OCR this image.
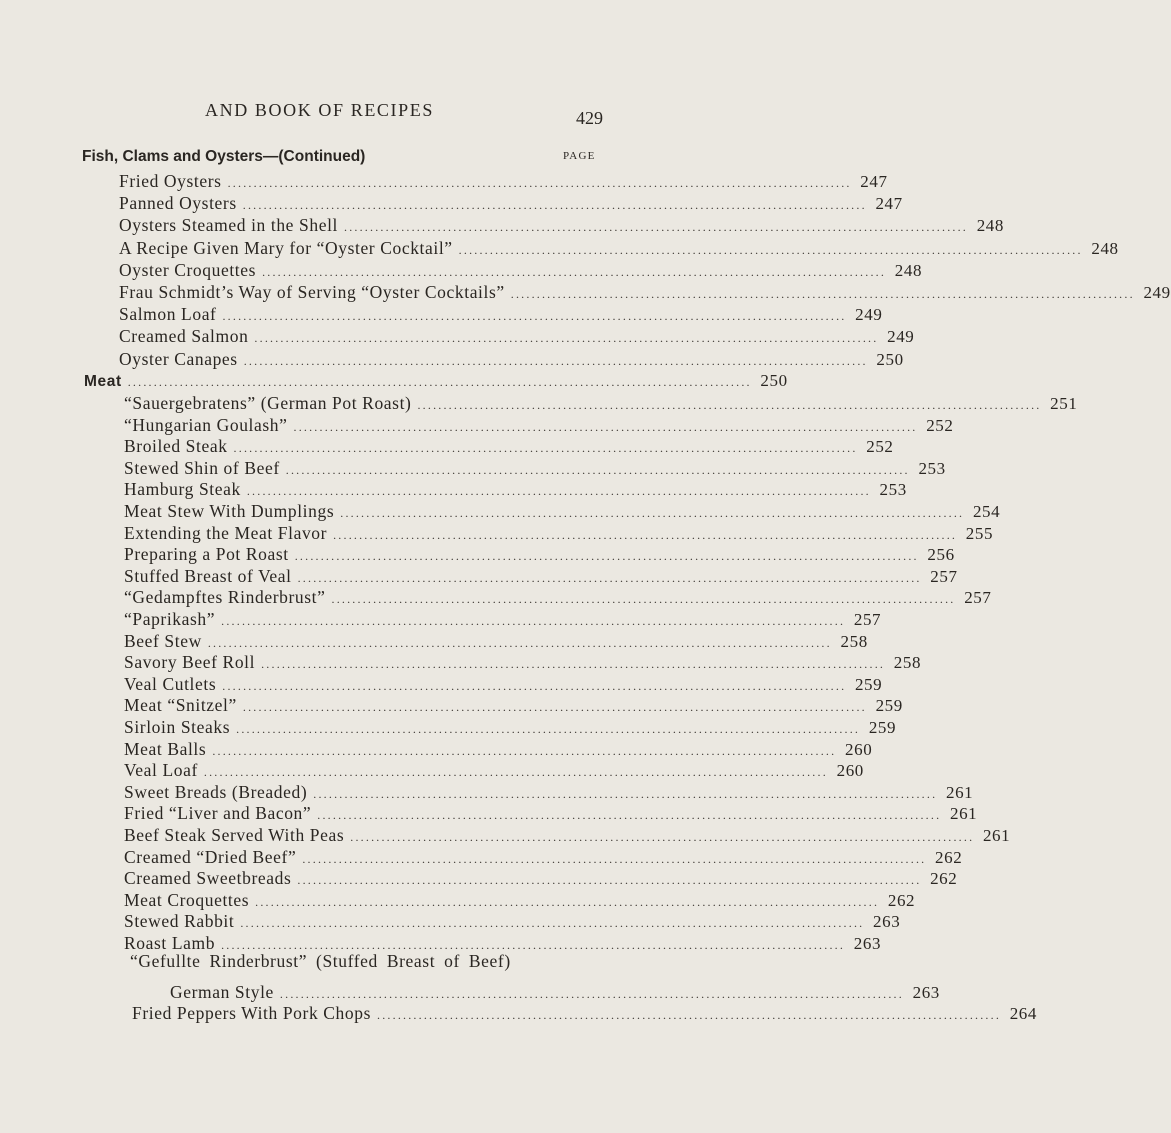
AND BOOK OF RECIPES	429
Fish, Clams and Oysters—(Continued)	PAGE
Fried Oysters ........................................................................................................................ 247
Panned Oysters ........................................................................................................................ 247
Oysters Steamed in the Shell ........................................................................................................................ 248
A Recipe Given Mary for “Oyster Cocktail” ........................................................................................................................ 248
Oyster Croquettes ........................................................................................................................ 248
Frau Schmidt’s Way of Serving “Oyster Cocktails” ........................................................................................................................ 249
Salmon Loaf ........................................................................................................................ 249
Creamed Salmon ........................................................................................................................ 249
Oyster Canapes ........................................................................................................................ 250
Meat ........................................................................................................................ 250
“Sauergebratens” (German Pot Roast) ........................................................................................................................ 251
“Hungarian Goulash” ........................................................................................................................ 252
Broiled Steak ........................................................................................................................ 252
Stewed Shin of Beef ........................................................................................................................ 253
Hamburg Steak ........................................................................................................................ 253
Meat Stew With Dumplings ........................................................................................................................ 254
Extending the Meat Flavor ........................................................................................................................ 255
Preparing a Pot Roast ........................................................................................................................ 256
Stuffed Breast of Veal ........................................................................................................................ 257
“Gedampftes Rinderbrust” ........................................................................................................................ 257
“Paprikash” ........................................................................................................................ 257
Beef Stew ........................................................................................................................ 258
Savory Beef Roll ........................................................................................................................ 258
Veal Cutlets ........................................................................................................................ 259
Meat “Snitzel” ........................................................................................................................ 259
Sirloin Steaks ........................................................................................................................ 259
Meat Balls ........................................................................................................................ 260
Veal Loaf ........................................................................................................................ 260
Sweet Breads (Breaded) ........................................................................................................................ 261
Fried “Liver and Bacon” ........................................................................................................................ 261
Beef Steak Served With Peas ........................................................................................................................ 261
Creamed “Dried Beef” ........................................................................................................................ 262
Creamed Sweetbreads ........................................................................................................................ 262
Meat Croquettes ........................................................................................................................ 262
Stewed Rabbit ........................................................................................................................ 263
Roast Lamb ........................................................................................................................ 263
“Gefullte Rinderbrust” (Stuffed Breast of Beef)
German Style ........................................................................................................................ 263
Fried Peppers With Pork Chops ........................................................................................................................ 264
